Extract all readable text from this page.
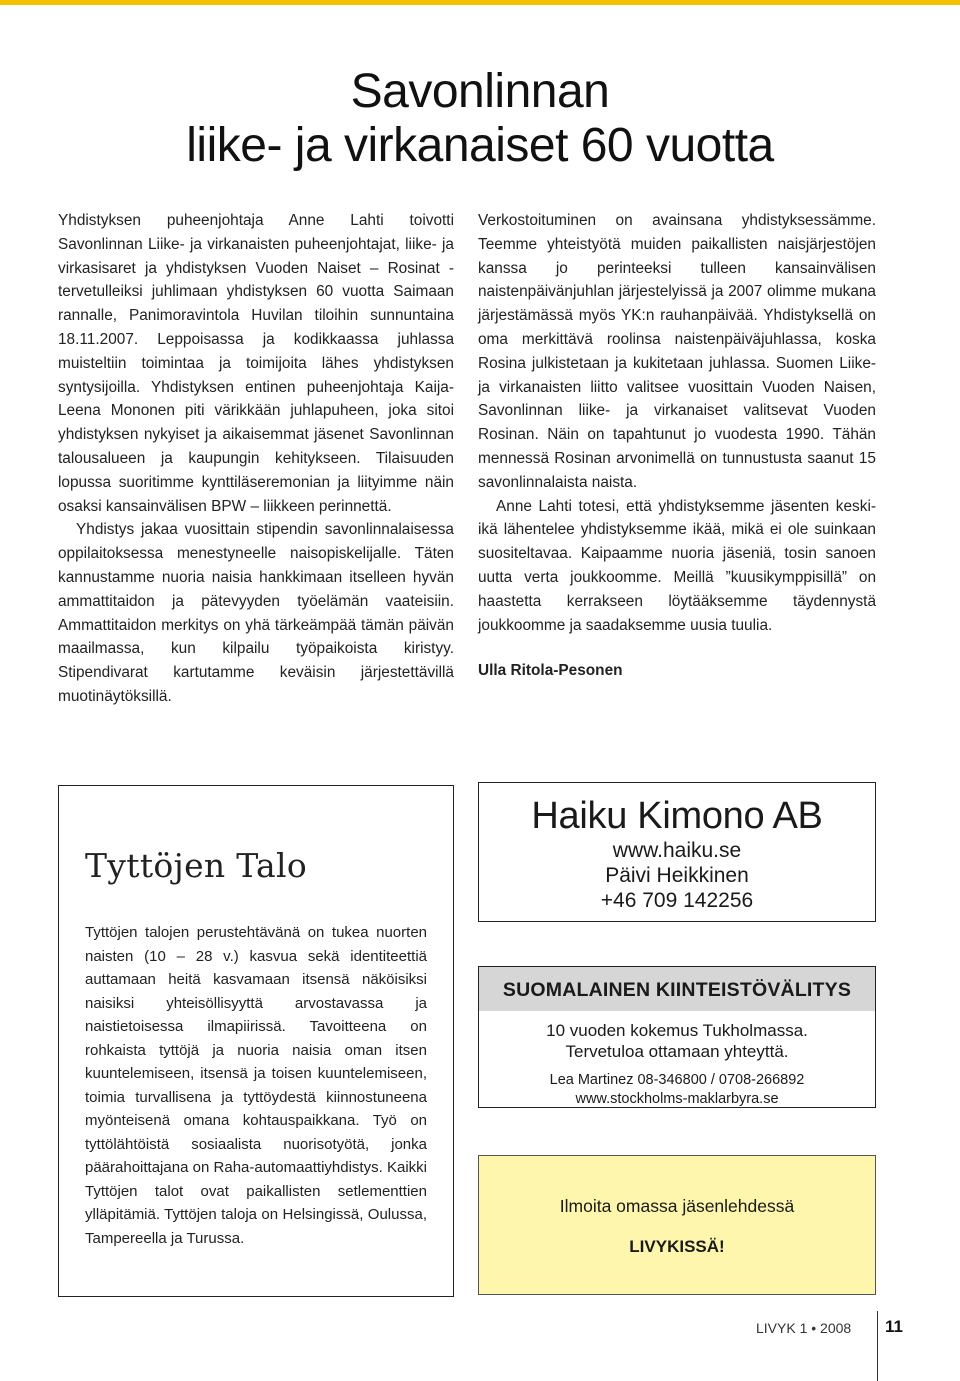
Savonlinnan
liike- ja virkanaiset 60 vuotta

Yhdistyksen puheenjohtaja Anne Lahti toivotti Savonlinnan Liike- ja virkanaisten puheenjohtajat, liike- ja virkasisaret ja yhdistyksen Vuoden Naiset – Rosinat - tervetulleiksi juhlimaan yhdistyksen 60 vuotta Saimaan rannalle, Panimoravintola Huvilan tiloihin sunnuntaina 18.11.2007. Leppoisassa ja kodikkaassa juhlassa muisteltiin toimintaa ja toimijoita lähes yhdistyksen syntysijoilla. Yhdistyksen entinen puheenjohtaja Kaija-Leena Mononen piti värikkään juhlapuheen, joka sitoi yhdistyksen nykyiset ja aikaisemmat jäsenet Savonlinnan talousalueen ja kaupungin kehitykseen. Tilaisuuden lopussa suoritimme kynttiläseremonian ja liityimme näin osaksi kansainvälisen BPW – liikkeen perinnettä.

Yhdistys jakaa vuosittain stipendin savonlinnalaisessa oppilaitoksessa menestyneelle naisopiskelijalle. Täten kannustamme nuoria naisia hankkimaan itselleen hyvän ammattitaidon ja pätevyyden työelämän vaateisiin. Ammattitaidon merkitys on yhä tärkeämpää tämän päivän maailmassa, kun kilpailu työpaikoista kiristyy. Stipendivarat kartutamme keväisin järjestettävillä muotinäytöksillä.

Verkostoituminen on avainsana yhdistyksessämme. Teemme yhteistyötä muiden paikallisten naisjärjestöjen kanssa jo perinteeksi tulleen kansainvälisen naistenpäivänjuhlan järjestelyissä ja 2007 olimme mukana järjestämässä myös YK:n rauhanpäivää. Yhdistyksellä on oma merkittävä roolinsa naistenpäiväjuhlassa, koska Rosina julkistetaan ja kukitetaan juhlassa. Suomen Liike- ja virkanaisten liitto valitsee vuosittain Vuoden Naisen, Savonlinnan liike- ja virkanaiset valitsevat Vuoden Rosinan. Näin on tapahtunut jo vuodesta 1990. Tähän mennessä Rosinan arvonimellä on tunnustusta saanut 15 savonlinnalaista naista.

Anne Lahti totesi, että yhdistyksemme jäsenten keski-ikä lähentelee yhdistyksemme ikää, mikä ei ole suinkaan suositeltavaa. Kaipaamme nuoria jäseniä, tosin sanoen uutta verta joukkoomme. Meillä ”kuusikymppisillä” on haastetta kerrakseen löytääksemme täydennystä joukkoomme ja saadaksemme uusia tuulia.

Ulla Ritola-Pesonen

Tyttöjen Talo

Tyttöjen talojen perustehtävänä on tukea nuorten naisten (10 – 28 v.) kasvua sekä identiteettiä auttamaan heitä kasvamaan itsensä näköisiksi naisiksi yhteisöllisyyttä arvostavassa ja naistietoisessa ilmapiirissä. Tavoitteena on rohkaista tyttöjä ja nuoria naisia oman itsen kuuntelemiseen, itsensä ja toisen kuuntelemiseen, toimia turvallisena ja tyttöydestä kiinnostuneena myönteisenä omana kohtauspaikkana. Työ on tyttölähtöistä sosiaalista nuorisotyötä, jonka päärahoittajana on Raha-automaattiyhdistys. Kaikki Tyttöjen talot ovat paikallisten setlementtien ylläpitämiä. Tyttöjen taloja on Helsingissä, Oulussa, Tampereella ja Turussa.

Haiku Kimono AB
www.haiku.se
Päivi Heikkinen
+46 709 142256
SUOMALAINEN KIINTEISTÖVÄLITYS
10 vuoden kokemus Tukholmassa.
Tervetuloa ottamaan yhteyttä.
Lea Martinez 08-346800 / 0708-266892
www.stockholms-maklarbyra.se
Ilmoita omassa jäsenlehdessä
LIVYKISSÄ!
LIVYK 1 • 2008 11
